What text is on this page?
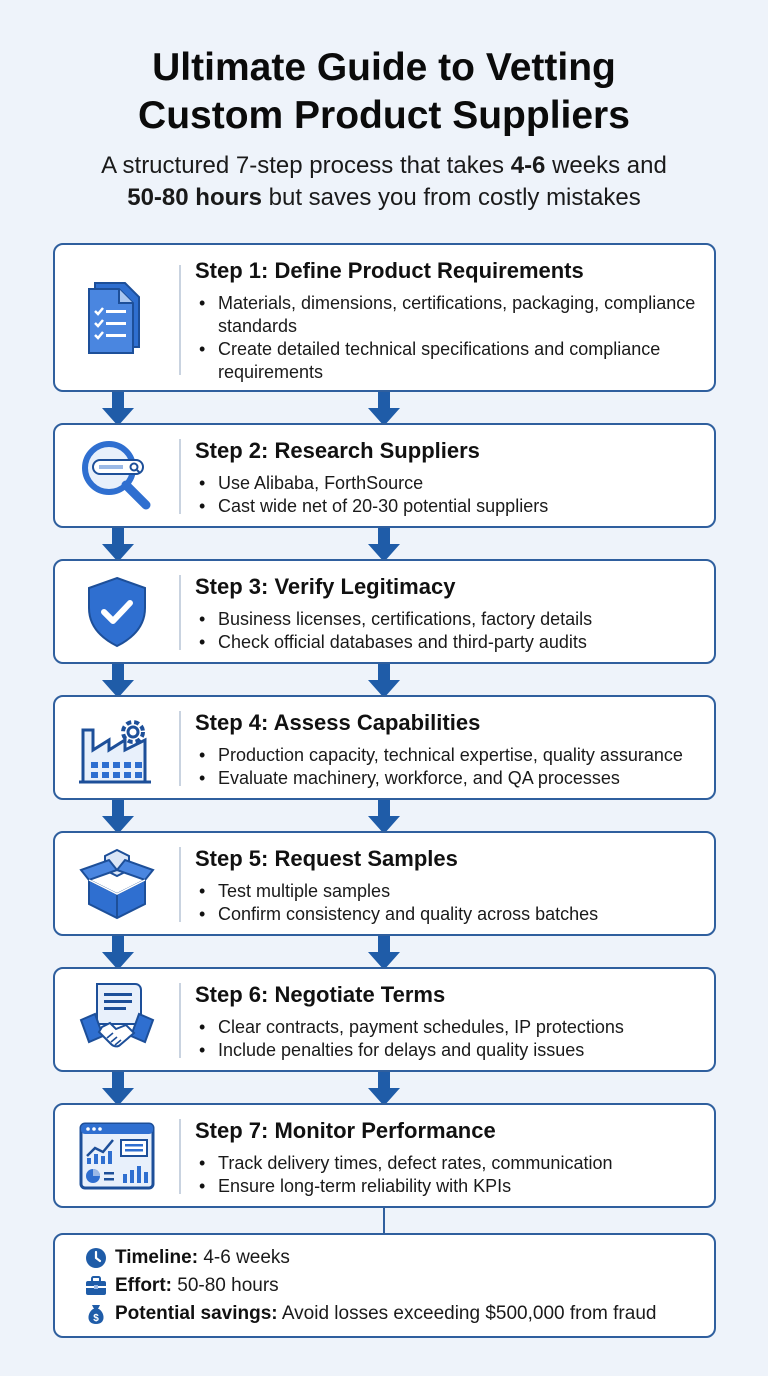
Ultimate Guide to Vetting
Custom Product Suppliers
A structured 7-step process that takes 4-6 weeks and
50-80 hours but saves you from costly mistakes
Step 1: Define Product Requirements
• Materials, dimensions, certifications, packaging, compliance standards
• Create detailed technical specifications and compliance requirements
Step 2: Research Suppliers
• Use Alibaba, ForthSource
• Cast wide net of 20-30 potential suppliers
Step 3: Verify Legitimacy
• Business licenses, certifications, factory details
• Check official databases and third-party audits
Step 4: Assess Capabilities
• Production capacity, technical expertise, quality assurance
• Evaluate machinery, workforce, and QA processes
Step 5: Request Samples
• Test multiple samples
• Confirm consistency and quality across batches
Step 6: Negotiate Terms
• Clear contracts, payment schedules, IP protections
• Include penalties for delays and quality issues
Step 7: Monitor Performance
• Track delivery times, defect rates, communication
• Ensure long-term reliability with KPIs
Timeline: 4-6 weeks
Effort: 50-80 hours
$ Potential savings: Avoid losses exceeding $500,000 from fraud
